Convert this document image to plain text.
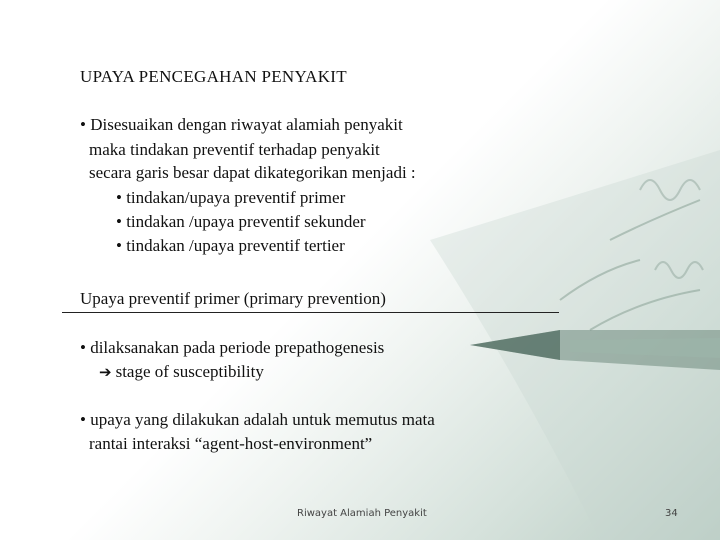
UPAYA PENCEGAHAN PENYAKIT
• Disesuaikan dengan riwayat alamiah penyakit
maka tindakan preventif terhadap penyakit
secara garis besar dapat dikategorikan menjadi :
• tindakan/upaya preventif primer
• tindakan /upaya preventif sekunder
• tindakan /upaya preventif tertier
Upaya preventif primer (primary prevention)
• dilaksanakan pada periode prepathogenesis
➔ stage of susceptibility
• upaya yang dilakukan adalah untuk memutus mata
rantai interaksi “agent-host-environment”
Riwayat Alamiah Penyakit	34
